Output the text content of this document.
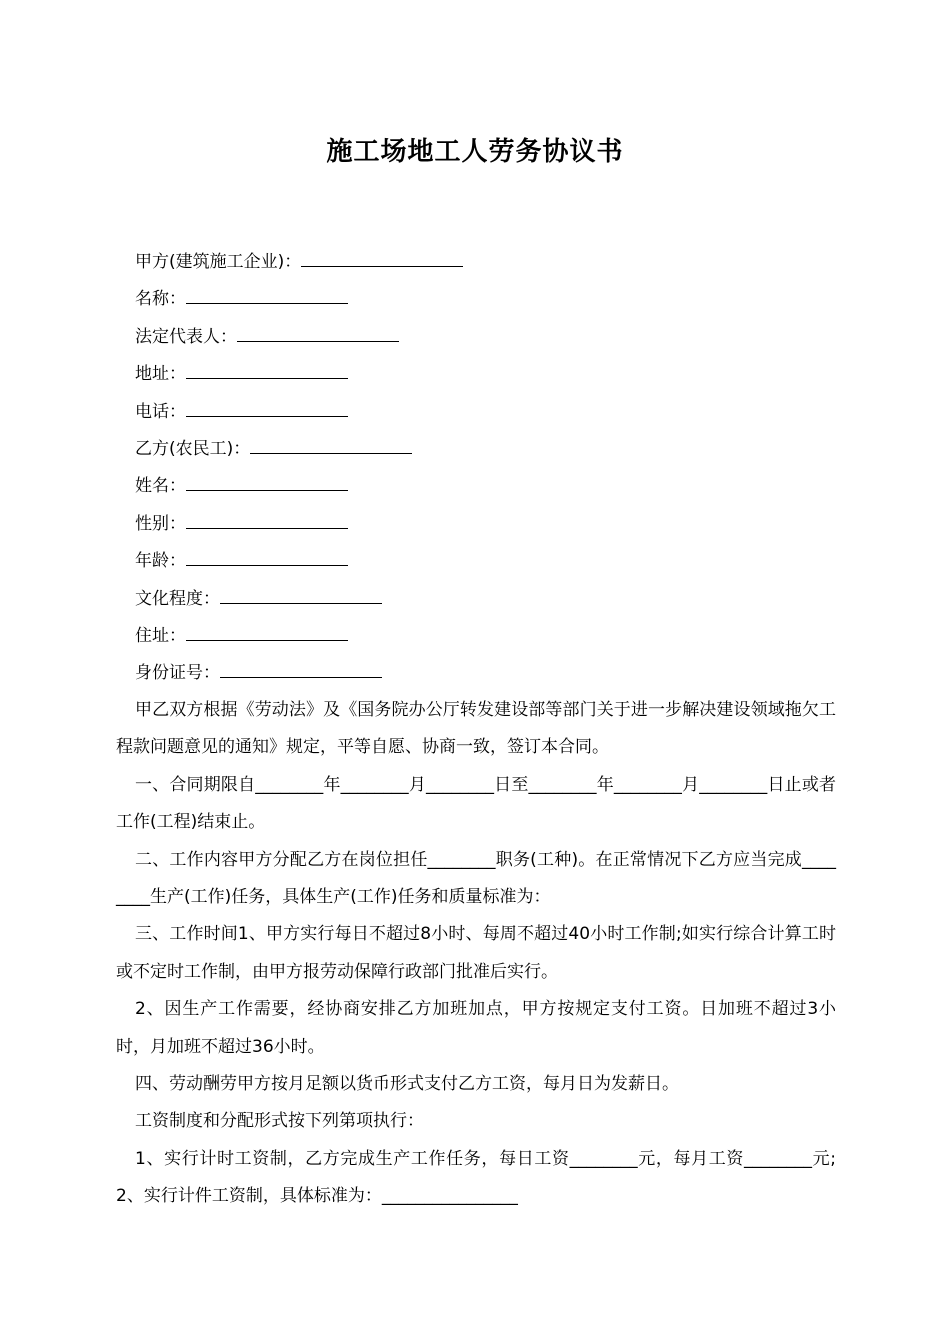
施工场地工人劳务协议书
甲方(建筑施工企业)：
名称：
法定代表人：
地址：
电话：
乙方(农民工)：
姓名：
性别：
年龄：
文化程度：
住址：
身份证号：

甲乙双方根据《劳动法》及《国务院办公厅转发建设部等部门关于进一步解决建设领域拖欠工程款问题意见的通知》规定，平等自愿、协商一致，签订本合同。

一、合同期限自________年________月________日至________年________月________日止或者工作(工程)结束止。

二、工作内容甲方分配乙方在岗位担任________职务(工种)。在正常情况下乙方应当完成________生产(工作)任务，具体生产(工作)任务和质量标准为：

三、工作时间1、甲方实行每日不超过8小时、每周不超过40小时工作制;如实行综合计算工时或不定时工作制，由甲方报劳动保障行政部门批准后实行。

2、因生产工作需要，经协商安排乙方加班加点，甲方按规定支付工资。日加班不超过3小时，月加班不超过36小时。

四、劳动酬劳甲方按月足额以货币形式支付乙方工资，每月日为发薪日。

工资制度和分配形式按下列第项执行：

1、实行计时工资制，乙方完成生产工作任务，每日工资________元，每月工资________元;2、实行计件工资制，具体标准为：________________
